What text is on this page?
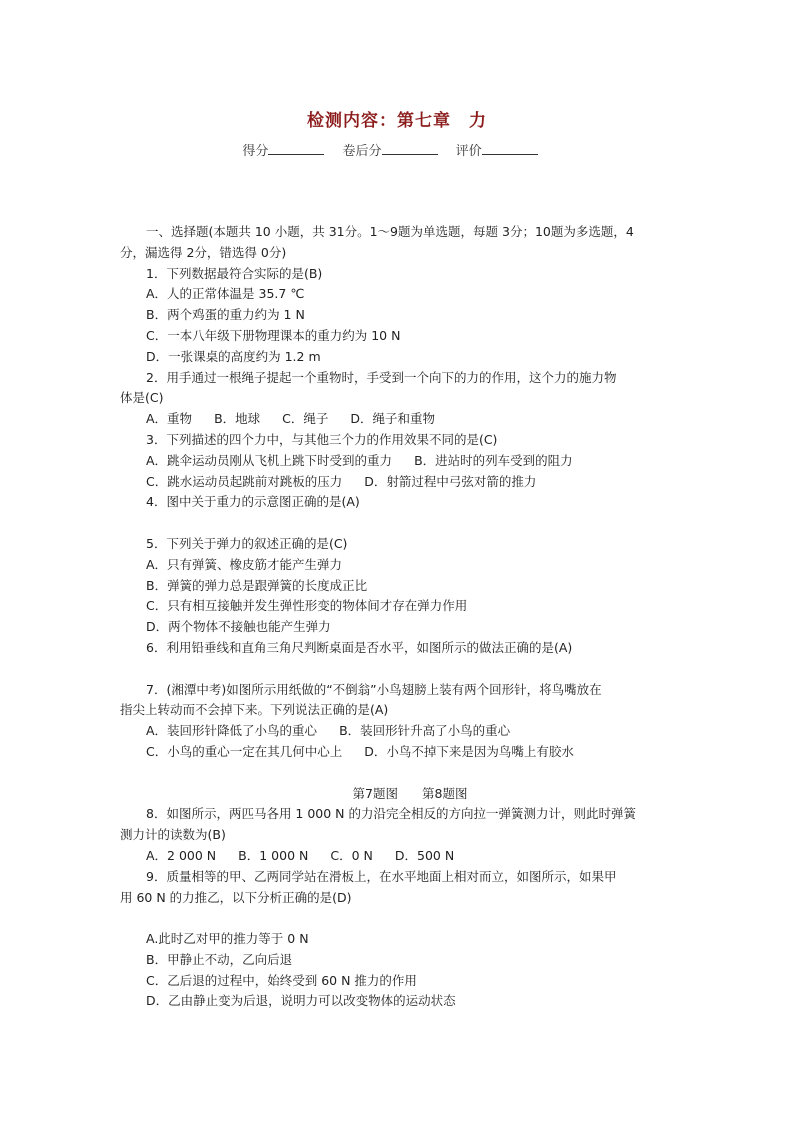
检测内容：第七章　力
得分	卷后分	评价

一、选择题(本题共 10 小题，共 31分。1～9题为单选题，每题 3分；10题为多选题，4

分，漏选得 2分，错选得 0分)

1．下列数据最符合实际的是(B)

A．人的正常体温是 35.7 ℃

B．两个鸡蛋的重力约为 1 N

C．一本八年级下册物理课本的重力约为 10 N

D．一张课桌的高度约为 1.2 m

2．用手通过一根绳子提起一个重物时，手受到一个向下的力的作用，这个力的施力物

体是(C)

A．重物 B．地球 C．绳子 D．绳子和重物

3．下列描述的四个力中，与其他三个力的作用效果不同的是(C)

A．跳伞运动员刚从飞机上跳下时受到的重力 B．进站时的列车受到的阻力

C．跳水运动员起跳前对跳板的压力 D．射箭过程中弓弦对箭的推力

4．图中关于重力的示意图正确的是(A)

5．下列关于弹力的叙述正确的是(C)

A．只有弹簧、橡皮筋才能产生弹力

B．弹簧的弹力总是跟弹簧的长度成正比

C．只有相互接触并发生弹性形变的物体间才存在弹力作用

D．两个物体不接触也能产生弹力

6．利用铅垂线和直角三角尺判断桌面是否水平，如图所示的做法正确的是(A)

7．(湘潭中考)如图所示用纸做的“不倒翁”小鸟翅膀上装有两个回形针，将鸟嘴放在

指尖上转动而不会掉下来。下列说法正确的是(A)

A．装回形针降低了小鸟的重心 B．装回形针升高了小鸟的重心

C．小鸟的重心一定在其几何中心上 D．小鸟不掉下来是因为鸟嘴上有胶水

第7题图 第8题图

8．如图所示，两匹马各用 1 000 N 的力沿完全相反的方向拉一弹簧测力计，则此时弹簧

测力计的读数为(B)

A．2 000 N B．1 000 N C．0 N D．500 N

9．质量相等的甲、乙两同学站在滑板上，在水平地面上相对而立，如图所示，如果甲

用 60 N 的力推乙，以下分析正确的是(D)

A.此时乙对甲的推力等于 0 N

B．甲静止不动，乙向后退

C．乙后退的过程中，始终受到 60 N 推力的作用

D．乙由静止变为后退，说明力可以改变物体的运动状态
